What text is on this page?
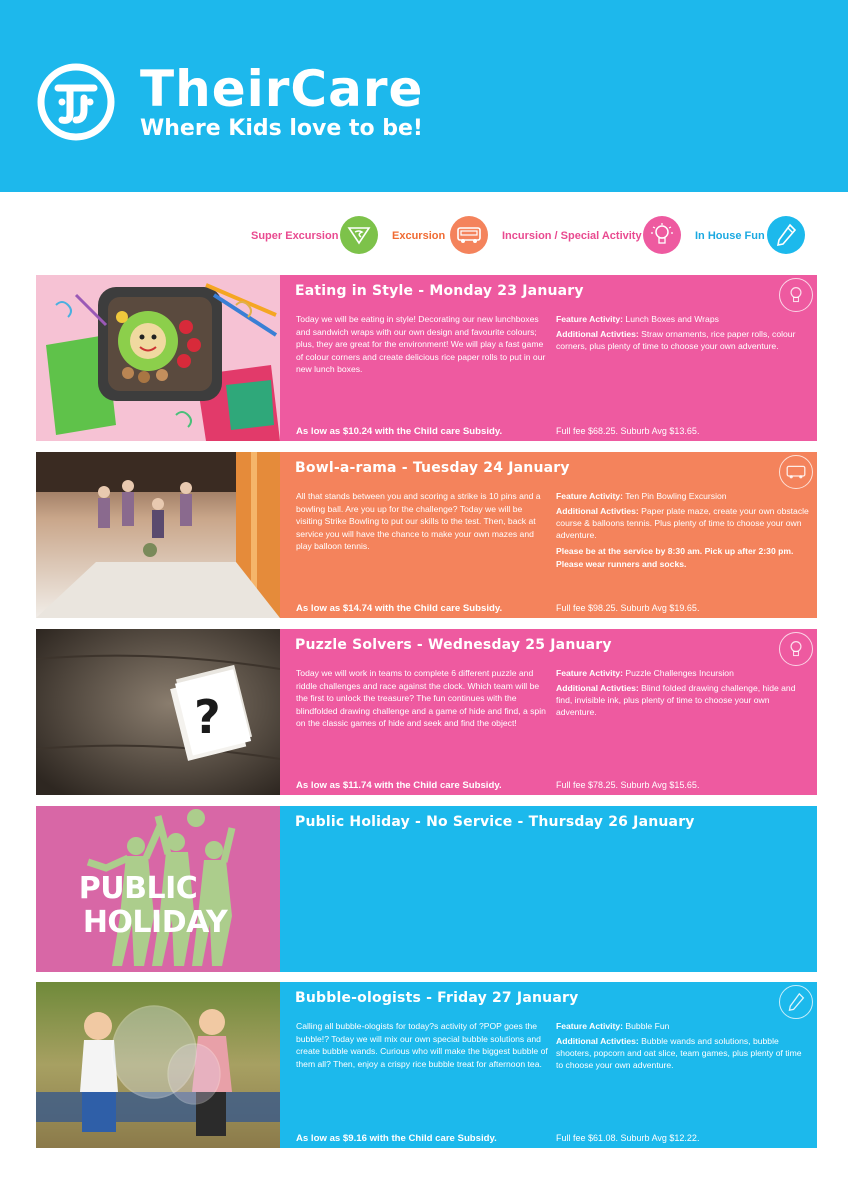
TheirCare
Where Kids love to be!
Super Excursion	Excursion	Incursion / Special Activity	In House Fun
Eating in Style - Monday 23 January
Today we will be eating in style! Decorating our new lunchboxes and sandwich wraps with our own design and favourite colours; plus, they are great for the environment! We will play a fast game of colour corners and create delicious rice paper rolls to put in our new lunch boxes.

Feature Activity: Lunch Boxes and Wraps

Additional Activties: Straw ornaments, rice paper rolls, colour corners, plus plenty of time to choose your own adventure.

As low as $10.24 with the Child care Subsidy.	Full fee $68.25. Suburb Avg $13.65.
Bowl-a-rama - Tuesday 24 January
All that stands between you and scoring a strike is 10 pins and a bowling ball. Are you up for the challenge? Today we will be visiting Strike Bowling to put our skills to the test. Then, back at service you will have the chance to make your own mazes and play balloon tennis.

Feature Activity: Ten Pin Bowling Excursion

Additional Activties: Paper plate maze, create your own obstacle course & balloons tennis. Plus plenty of time to choose your own adventure.

Please be at the service by 8:30 am. Pick up after 2:30 pm. Please wear runners and socks.

As low as $14.74 with the Child care Subsidy.	Full fee $98.25. Suburb Avg $19.65.
?
Puzzle Solvers - Wednesday 25 January
Today we will work in teams to complete 6 different puzzle and riddle challenges and race against the clock. Which team will be the first to unlock the treasure? The fun continues with the blindfolded drawing challenge and a game of hide and find, a spin on the classic games of hide and seek and find the object!

Feature Activity: Puzzle Challenges Incursion

Additional Activties: Blind folded drawing challenge, hide and find, invisible ink, plus plenty of time to choose your own adventure.

As low as $11.74 with the Child care Subsidy.	Full fee $78.25. Suburb Avg $15.65.
PUBLIC
HOLIDAY
Public Holiday - No Service - Thursday 26 January
Bubble-ologists - Friday 27 January
Calling all bubble-ologists for today?s activity of ?POP goes the bubble!? Today we will mix our own special bubble solutions and create bubble wands. Curious who will make the biggest bubble of them all? Then, enjoy a crispy rice bubble treat for afternoon tea.

Feature Activity: Bubble Fun

Additional Activties: Bubble wands and solutions, bubble shooters, popcorn and oat slice, team games, plus plenty of time to choose your own adventure.

As low as $9.16 with the Child care Subsidy.	Full fee $61.08. Suburb Avg $12.22.
